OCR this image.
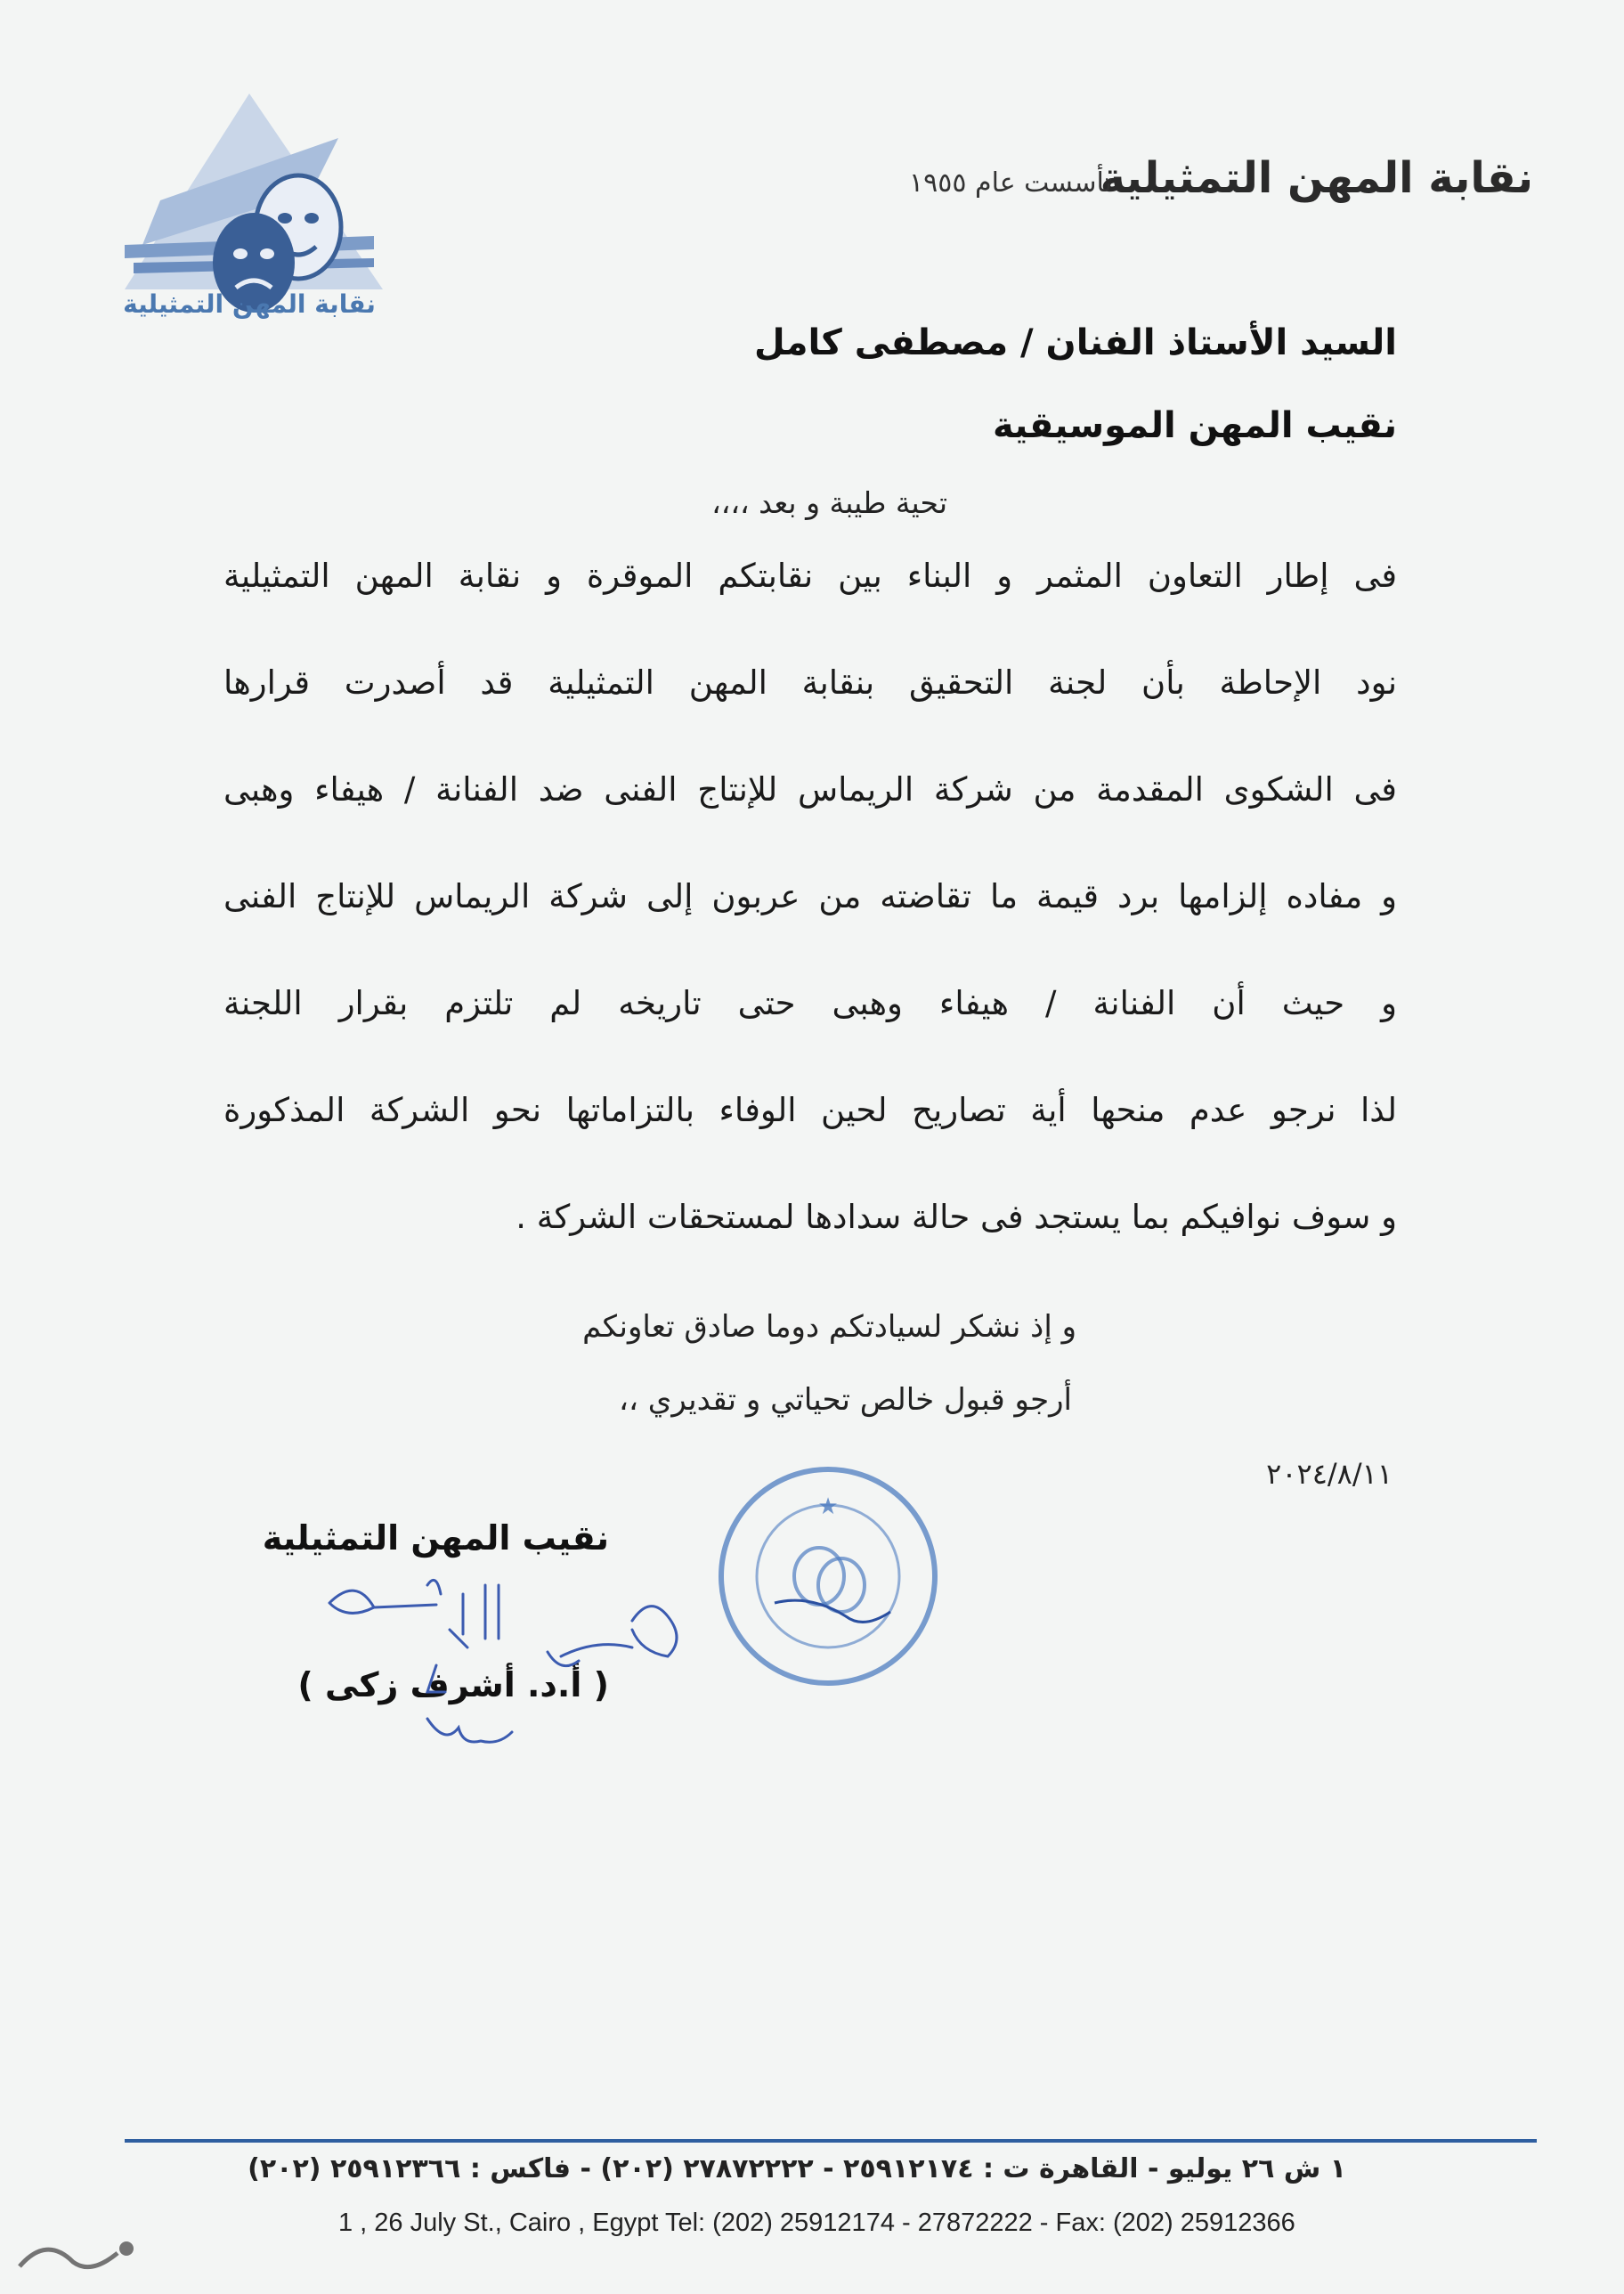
نقابة المهن التمثيلية
نقابة المهن التمثيلية
تأسست عام ١٩٥٥
السيد الأستاذ الفنان / مصطفى كامل
نقيب المهن الموسيقية
تحية طيبة و بعد ،،،،
فى إطار التعاون المثمر و البناء بين نقابتكم الموقرة و نقابة المهن التمثيلية
نود الإحاطة بأن لجنة التحقيق بنقابة المهن التمثيلية قد أصدرت قرارها
فى الشكوى المقدمة من شركة الريماس للإنتاج الفنى ضد الفنانة / هيفاء وهبى
و مفاده إلزامها برد قيمة ما تقاضته من عربون إلى شركة الريماس للإنتاج الفنى
و حيث أن الفنانة / هيفاء وهبى حتى تاريخه لم تلتزم بقرار اللجنة
لذا نرجو عدم منحها أية تصاريح لحين الوفاء بالتزاماتها نحو الشركة المذكورة
و سوف نوافيكم بما يستجد فى حالة سدادها لمستحقات الشركة .
و إذ نشكر لسيادتكم دوما صادق تعاونكم
أرجو قبول خالص تحياتي و تقديري ،،
٢٠٢٤/٨/١١
نقيب المهن التمثيلية
( أ.د. أشرف زكى )
★
١ ش ٢٦ يوليو - القاهرة ت : ٢٥٩١٢١٧٤ - ٢٧٨٧٢٢٢٢ (٢٠٢) - فاكس : ٢٥٩١٢٣٦٦ (٢٠٢)
1 , 26 July St., Cairo , Egypt Tel: (202) 25912174 - 27872222 - Fax: (202) 25912366
